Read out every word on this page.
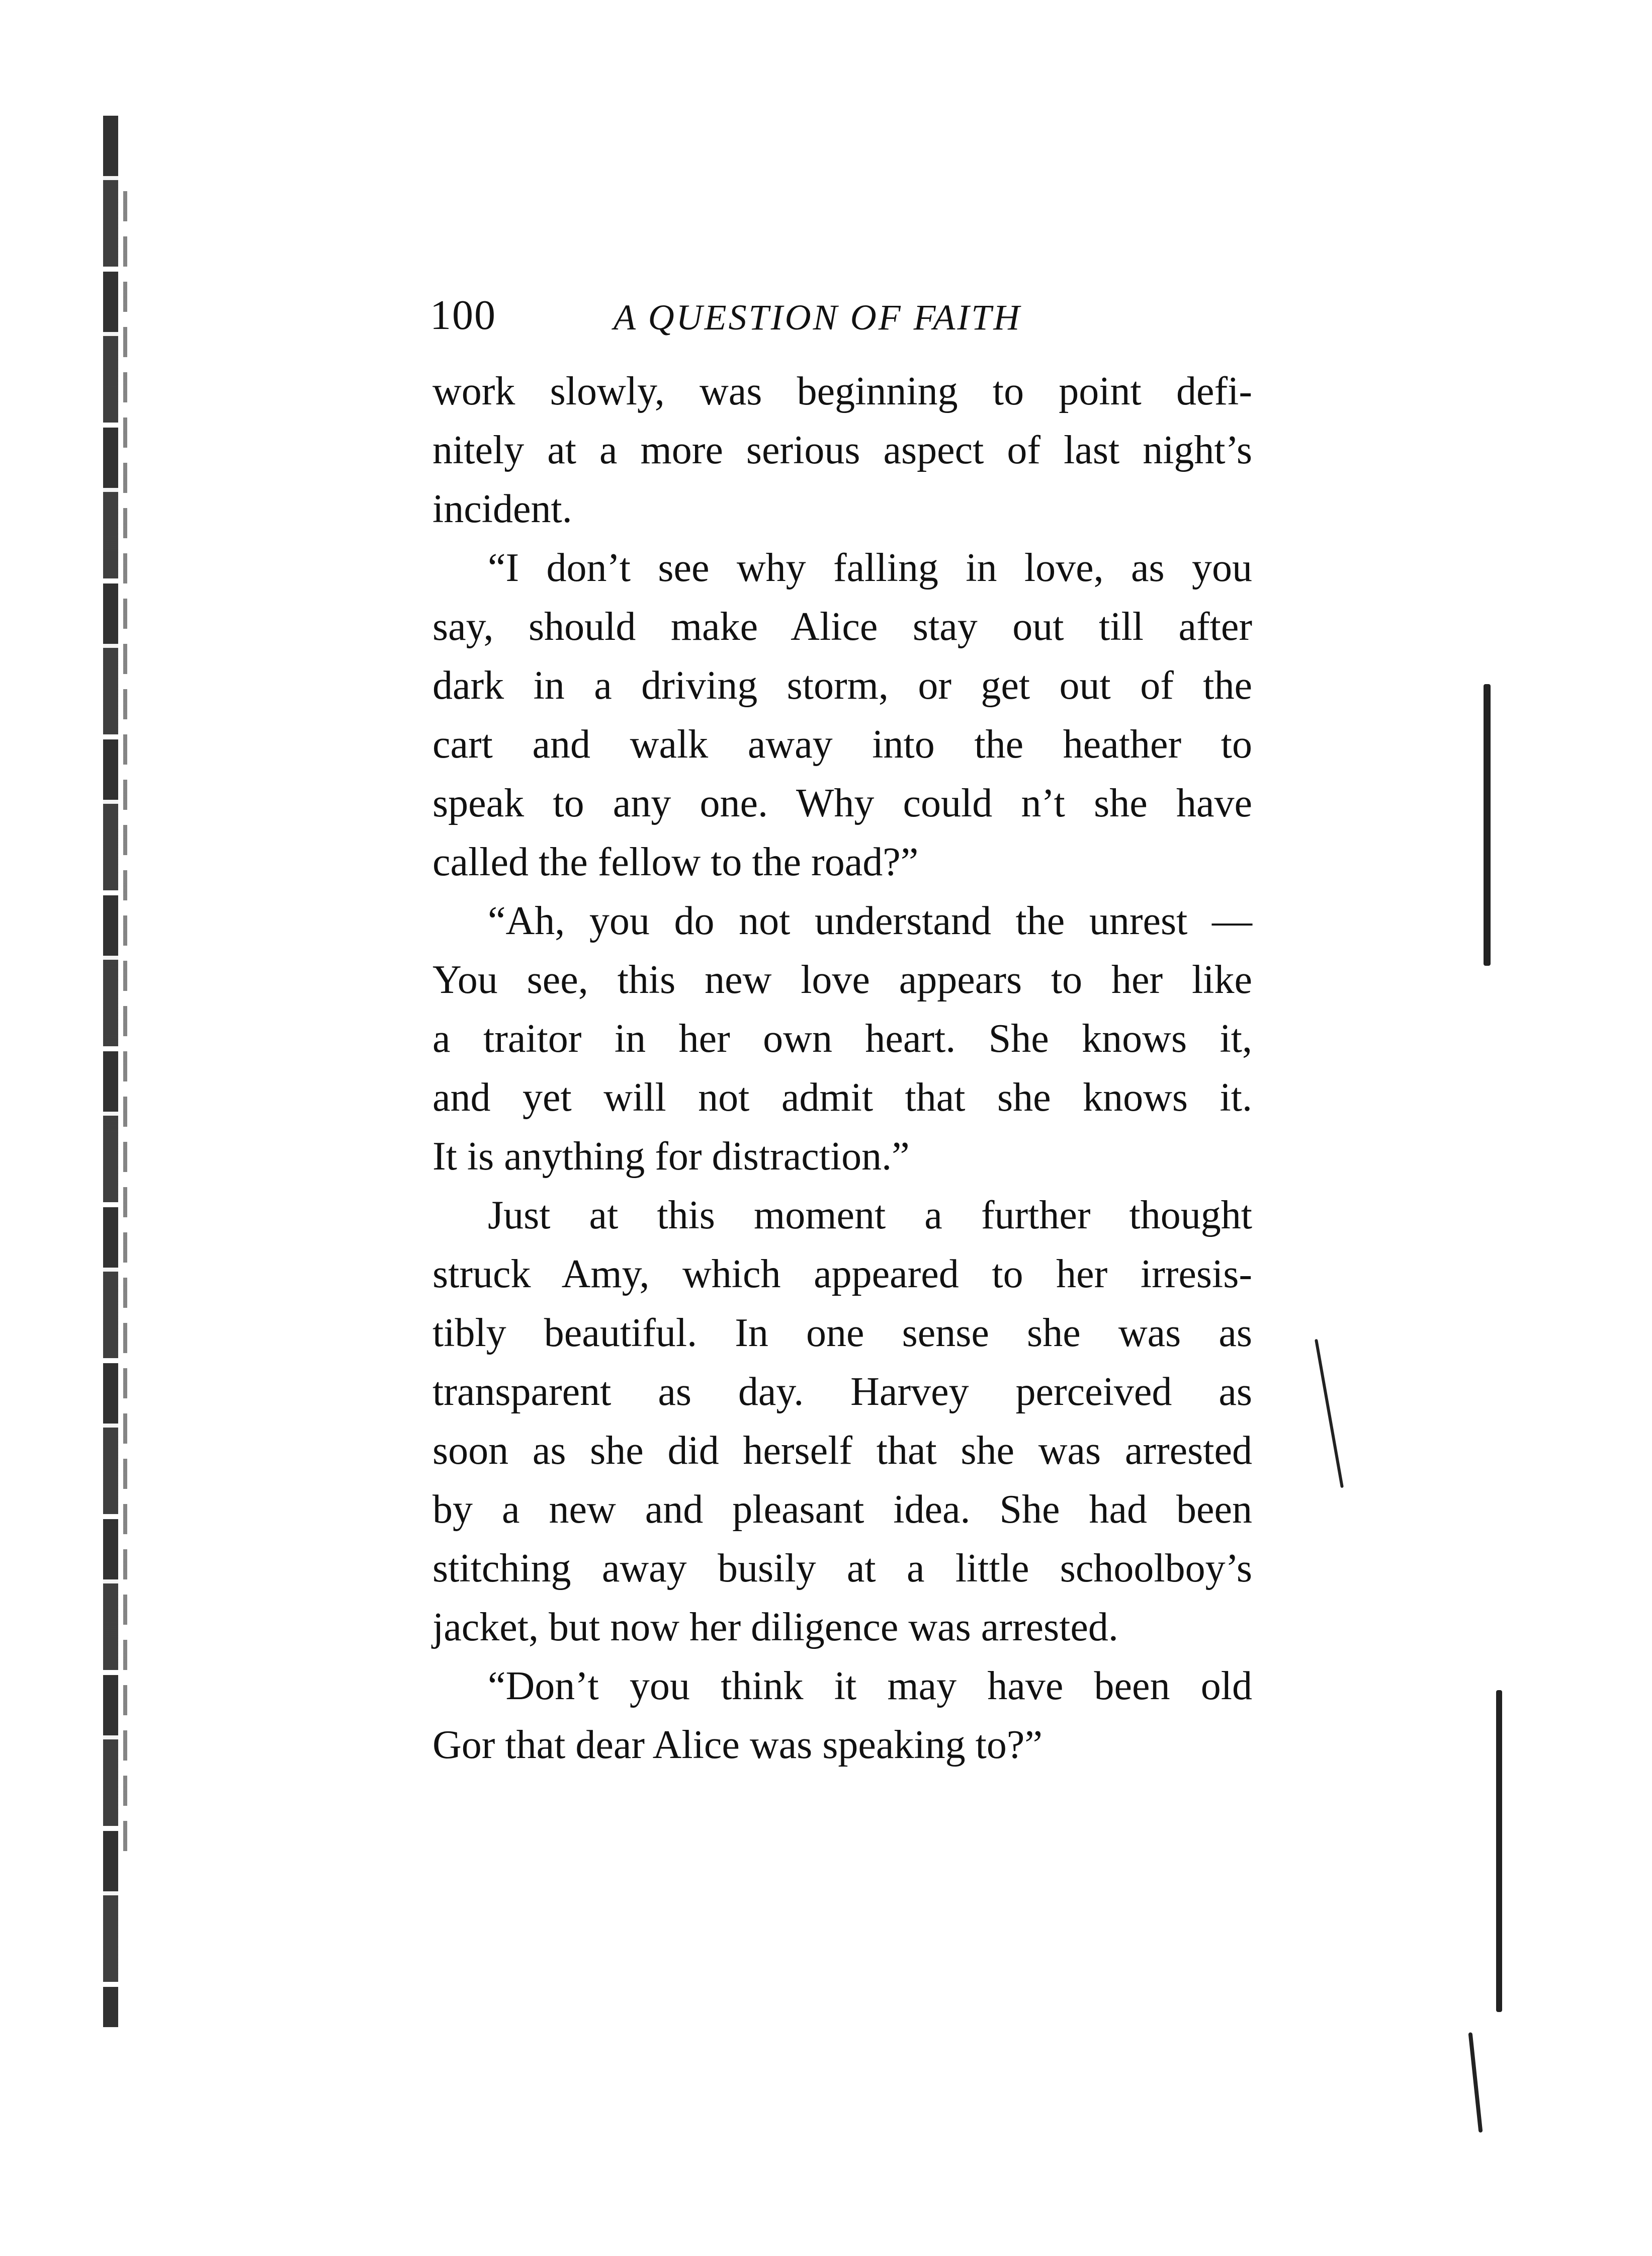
100	A QUESTION OF FAITH
work slowly, was beginning to point defi-
nitely at a more serious aspect of last night’s
incident.
“I don’t see why falling in love, as you
say, should make Alice stay out till after
dark in a driving storm, or get out of the
cart and walk away into the heather to
speak to any one. Why could n’t she have
called the fellow to the road?”
“Ah, you do not understand the unrest —
You see, this new love appears to her like
a traitor in her own heart. She knows it,
and yet will not admit that she knows it.
It is anything for distraction.”
Just at this moment a further thought
struck Amy, which appeared to her irresis-
tibly beautiful. In one sense she was as
transparent as day. Harvey perceived as
soon as she did herself that she was arrested
by a new and pleasant idea. She had been
stitching away busily at a little schoolboy’s
jacket, but now her diligence was arrested.
“Don’t you think it may have been old
Gor that dear Alice was speaking to?”
